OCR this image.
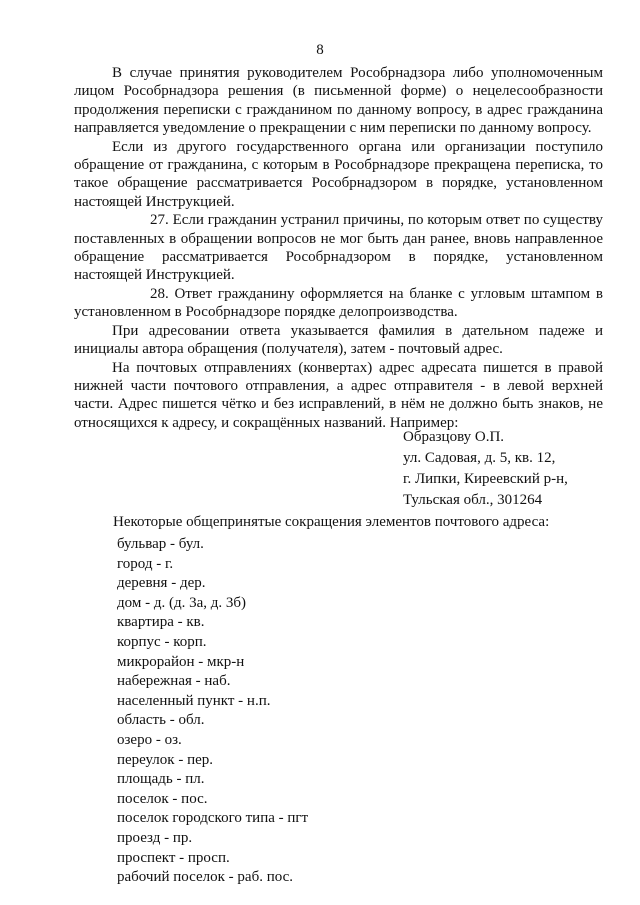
8

В случае принятия руководителем Рособрнадзора либо уполномоченным лицом Рособрнадзора решения (в письменной форме) о нецелесообразности продолжения переписки с гражданином по данному вопросу, в адрес гражданина направляется уведомление о прекращении с ним переписки по данному вопросу.

Если из другого государственного органа или организации поступило обращение от гражданина, с которым в Рособрнадзоре прекращена переписка, то такое обращение рассматривается Рособрнадзором в порядке, установленном настоящей Инструкцией.

27. Если гражданин устранил причины, по которым ответ по существу поставленных в обращении вопросов не мог быть дан ранее, вновь направленное обращение рассматривается Рособрнадзором в порядке, установленном настоящей Инструкцией.

28. Ответ гражданину оформляется на бланке с угловым штампом в установленном в Рособрнадзоре порядке делопроизводства.

При адресовании ответа указывается фамилия в дательном падеже и инициалы автора обращения (получателя), затем - почтовый адрес.

На почтовых отправлениях (конвертах) адрес адресата пишется в правой нижней части почтового отправления, а адрес отправителя - в левой верхней части. Адрес пишется чётко и без исправлений, в нём не должно быть знаков, не относящихся к адресу, и сокращённых названий. Например:

Образцову О.П.
ул. Садовая, д. 5, кв. 12,
г. Липки, Киреевский р-н,
Тульская обл., 301264
Некоторые общепринятые сокращения элементов почтового адреса:
бульвар - бул.
город - г.
деревня - дер.
дом - д. (д. 3а, д. 3б)
квартира - кв.
корпус - корп.
микрорайон - мкр-н
набережная - наб.
населенный пункт - н.п.
область - обл.
озеро - оз.
переулок - пер.
площадь - пл.
поселок - пос.
поселок городского типа - пгт
проезд - пр.
проспект - просп.
рабочий поселок - раб. пос.
